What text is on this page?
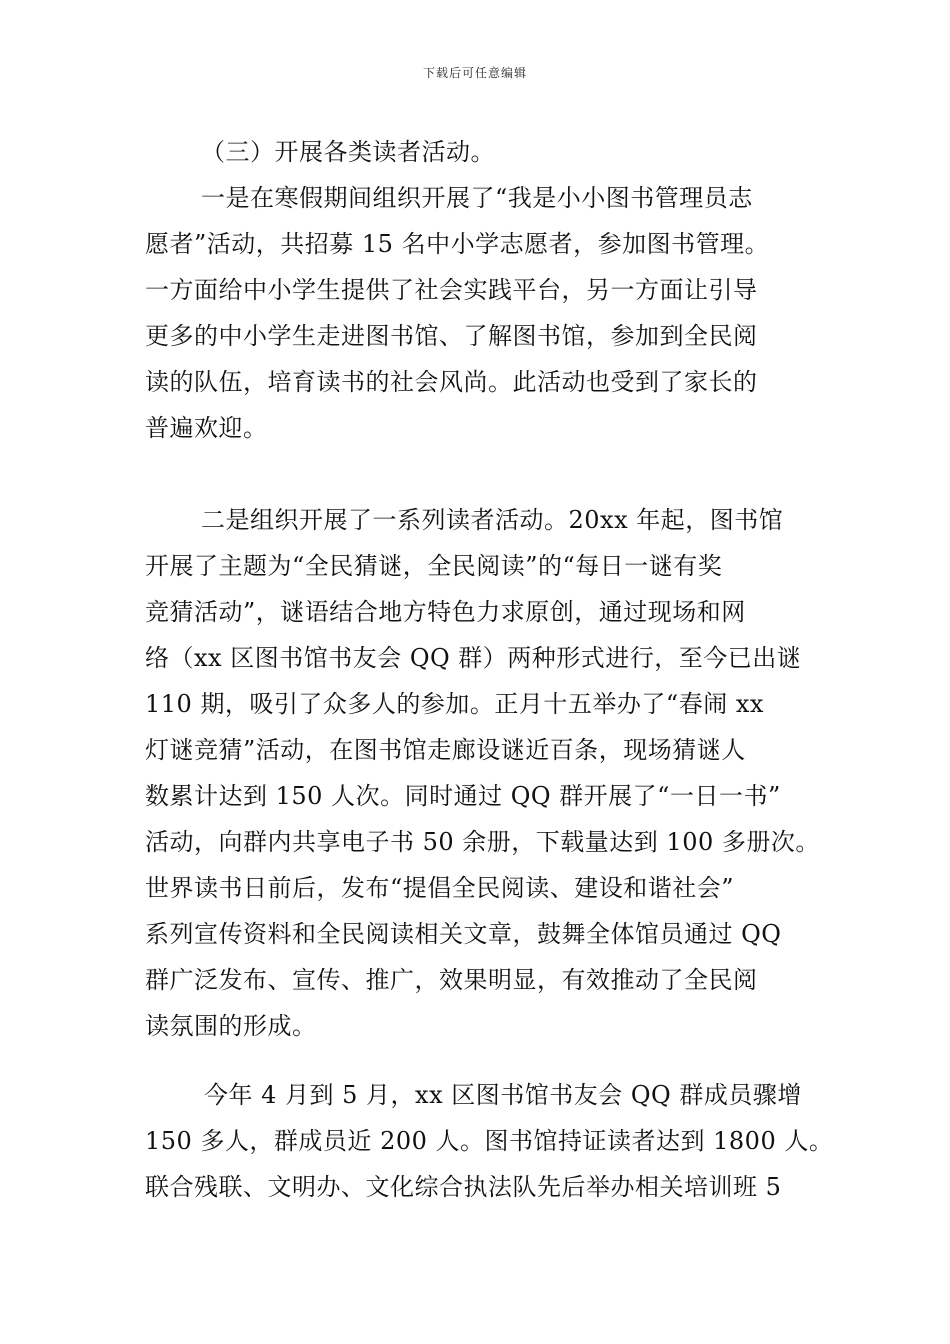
下载后可任意编辑
（三）开展各类读者活动。
一是在寒假期间组织开展了“我是小小图书管理员志
愿者”活动，共招募 15 名中小学志愿者，参加图书管理。
一方面给中小学生提供了社会实践平台，另一方面让引导
更多的中小学生走进图书馆、了解图书馆，参加到全民阅
读的队伍，培育读书的社会风尚。此活动也受到了家长的
普遍欢迎。
二是组织开展了一系列读者活动。20xx 年起，图书馆
开展了主题为“全民猜谜，全民阅读”的“每日一谜有奖
竞猜活动”，谜语结合地方特色力求原创，通过现场和网
络（xx 区图书馆书友会 QQ 群）两种形式进行，至今已出谜
110 期，吸引了众多人的参加。正月十五举办了“春闹 xx
灯谜竞猜”活动，在图书馆走廊设谜近百条，现场猜谜人
数累计达到 150 人次。同时通过 QQ 群开展了“一日一书”
活动，向群内共享电子书 50 余册，下载量达到 100 多册次。
世界读书日前后，发布“提倡全民阅读、建设和谐社会”
系列宣传资料和全民阅读相关文章，鼓舞全体馆员通过 QQ
群广泛发布、宣传、推广，效果明显，有效推动了全民阅
读氛围的形成。
今年 4 月到 5 月，xx 区图书馆书友会 QQ 群成员骤增
150 多人，群成员近 200 人。图书馆持证读者达到 1800 人。
联合残联、文明办、文化综合执法队先后举办相关培训班 5
